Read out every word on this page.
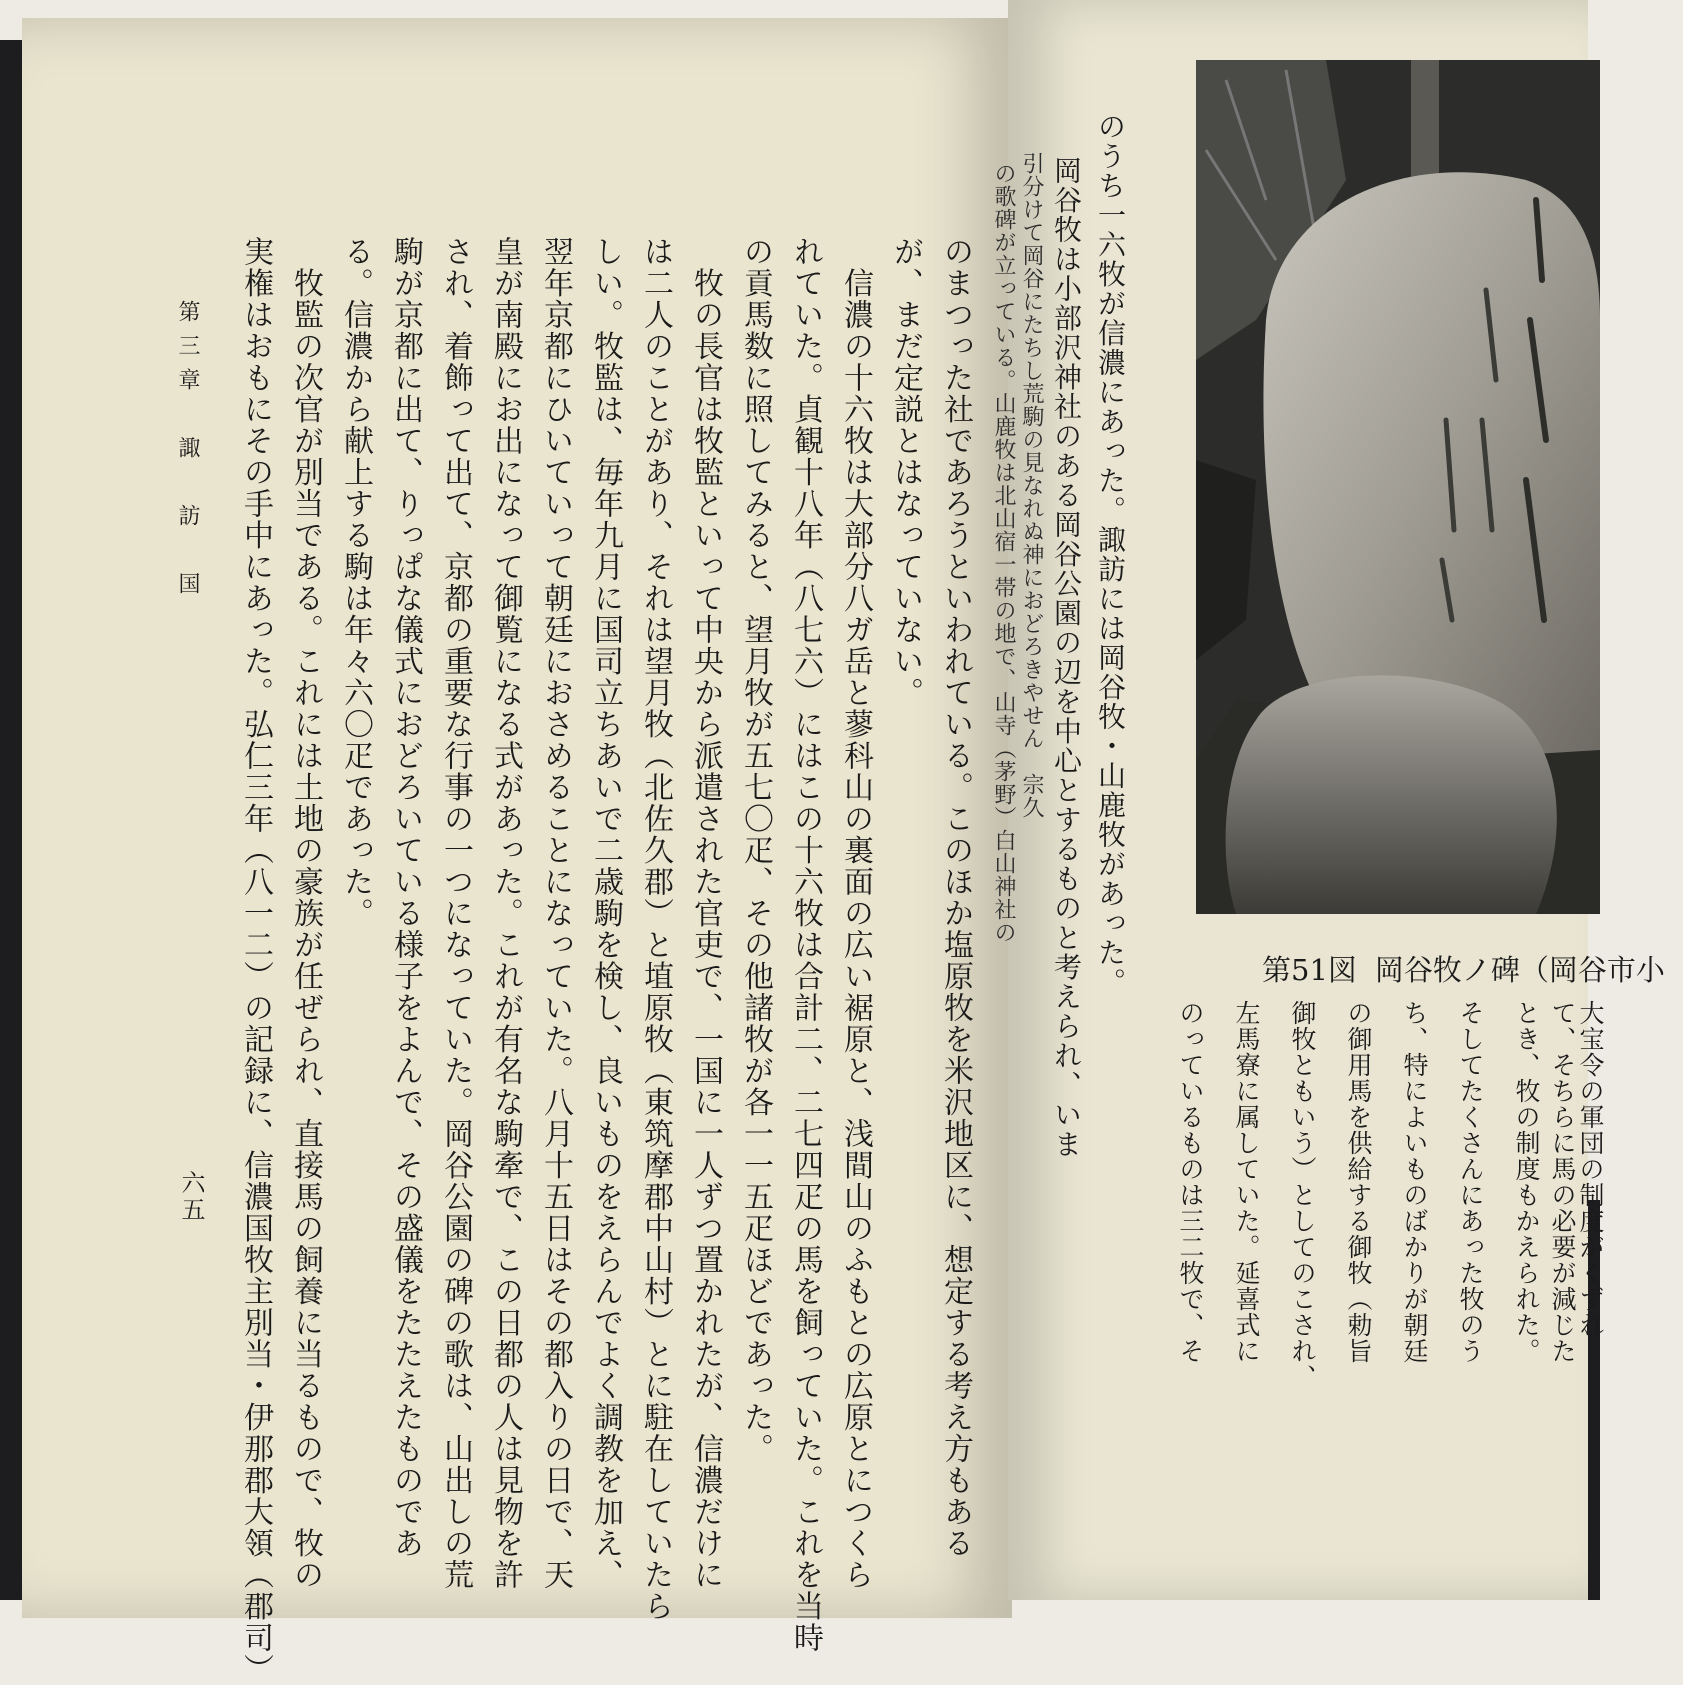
のまつった社であろうといわれている。このほか塩原牧を米沢地区に、想定する考え方もある
が、まだ定説とはなっていない。
　信濃の十六牧は大部分八ガ岳と蓼科山の裏面の広い裾原と、浅間山のふもとの広原とにつくら
れていた。貞観十八年（八七六）にはこの十六牧は合計二、二七四疋の馬を飼っていた。これを当時
の貢馬数に照してみると、望月牧が五七〇疋、その他諸牧が各一一五疋ほどであった。
　牧の長官は牧監といって中央から派遣された官吏で、一国に一人ずつ置かれたが、信濃だけに
は二人のことがあり、それは望月牧（北佐久郡）と埴原牧（東筑摩郡中山村）とに駐在していたら
しい。牧監は、毎年九月に国司立ちあいで二歳駒を検し、良いものをえらんでよく調教を加え、
翌年京都にひいていって朝廷におさめることになっていた。八月十五日はその都入りの日で、天
皇が南殿にお出になって御覧になる式があった。これが有名な駒牽で、この日都の人は見物を許
され、着飾って出て、京都の重要な行事の一つになっていた。岡谷公園の碑の歌は、山出しの荒
駒が京都に出て、りっぱな儀式におどろいている様子をよんで、その盛儀をたたえたものであ
る。信濃から献上する駒は年々六〇疋であった。
　牧監の次官が別当である。これには土地の豪族が任ぜられ、直接馬の飼養に当るもので、牧の
実権はおもにその手中にあった。弘仁三年（八一二）の記録に、信濃国牧主別当・伊那郡大領（郡司）
第三章　諏　訪　国
六五
のうち一六牧が信濃にあった。諏訪には岡谷牧・山鹿牧があった。
岡谷牧は小部沢神社のある岡谷公園の辺を中心とするものと考えられ、いま
引分けて岡谷にたちし荒駒の見なれぬ神におどろきやせん　宗久
の歌碑が立っている。山鹿牧は北山宿一帯の地で、山寺（茅野）白山神社の
第51図 岡谷牧ノ碑（岡谷市小
のっているものは三二牧で、そ 左馬寮に属していた。延喜式に 御牧ともいう）としてのこされ、 の御用馬を供給する御牧（勅旨 ち、特によいものばかりが朝廷 そしてたくさんにあった牧のう とき、牧の制度もかえられた。 て、そちらに馬の必要が減じた 大宝令の軍団の制度がくずれ
